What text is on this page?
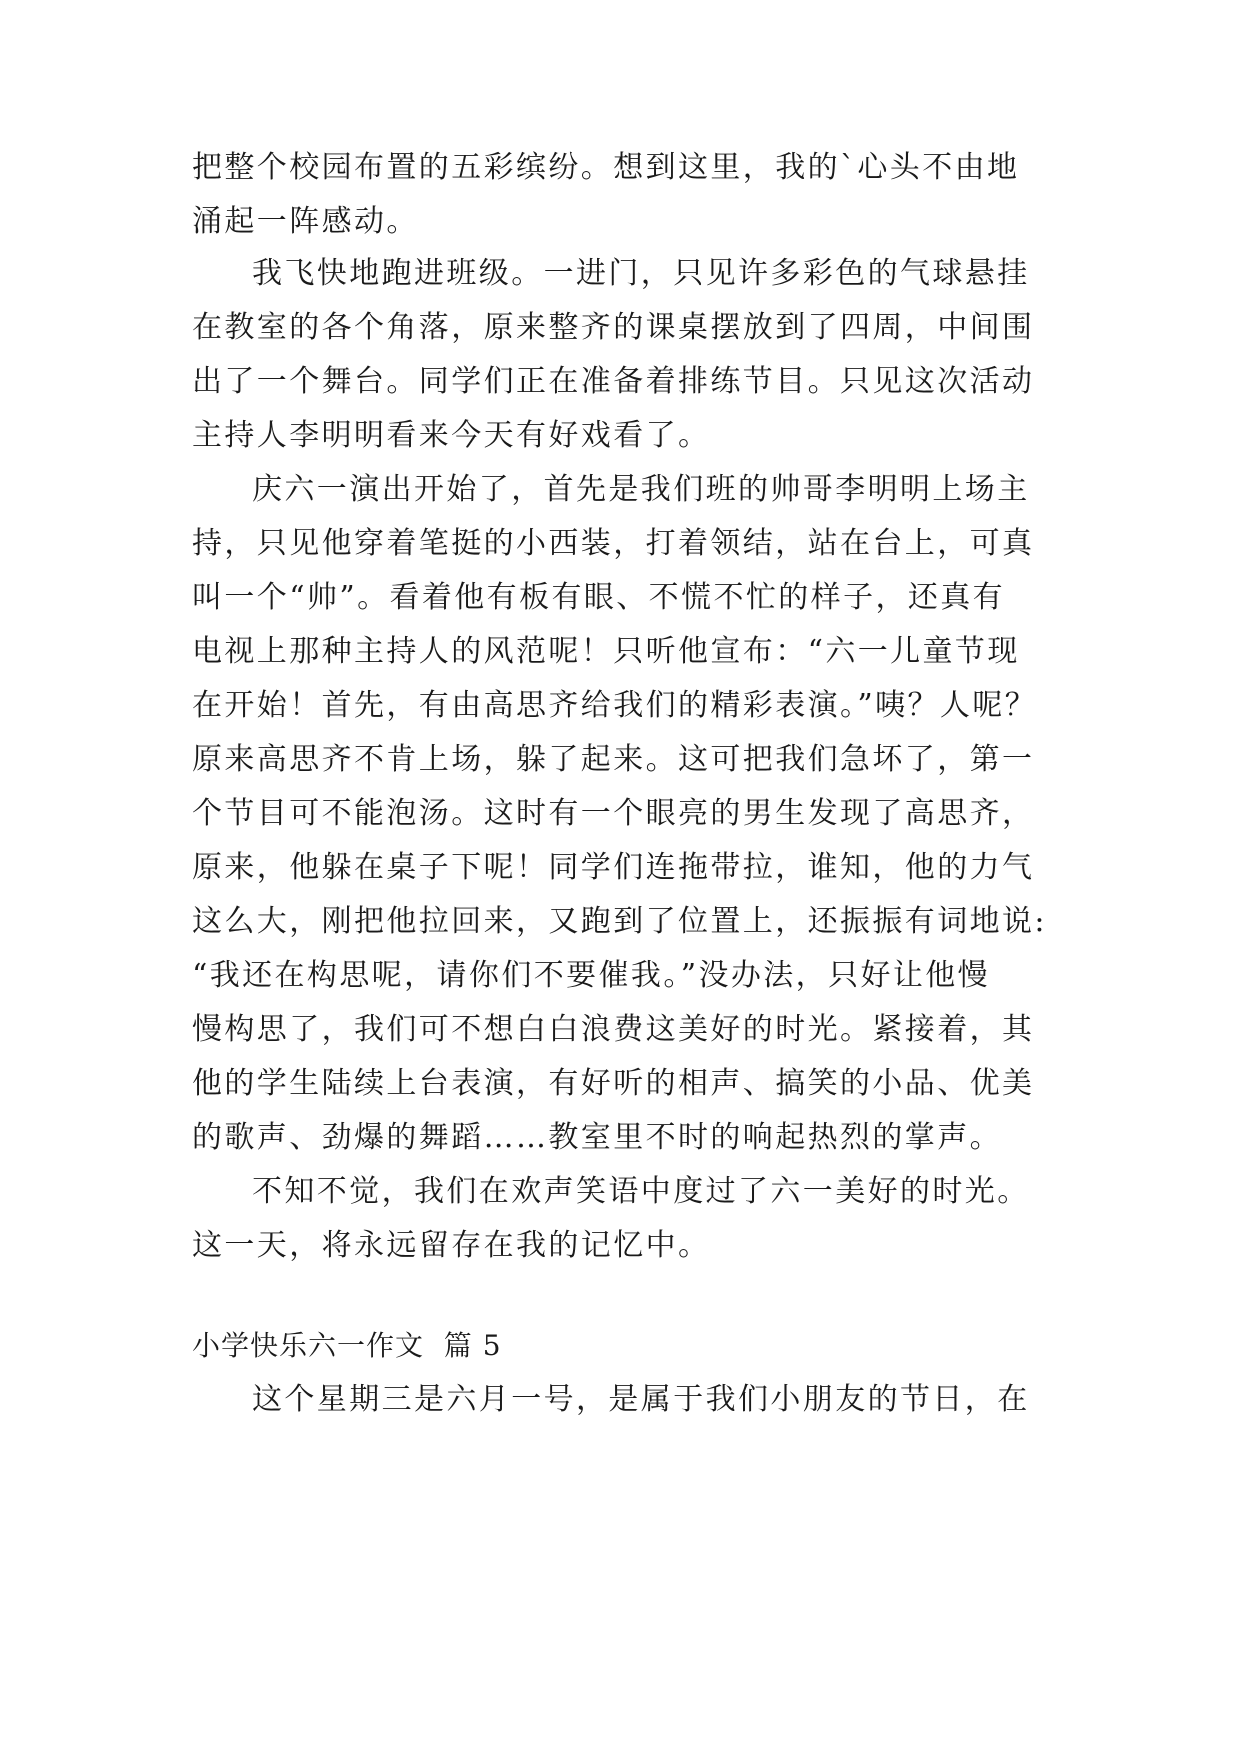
把整个校园布置的五彩缤纷。想到这里，我的`心头不由地
涌起一阵感动。
我飞快地跑进班级。一进门，只见许多彩色的气球悬挂
在教室的各个角落，原来整齐的课桌摆放到了四周，中间围
出了一个舞台。同学们正在准备着排练节目。只见这次活动
主持人李明明看来今天有好戏看了。
庆六一演出开始了，首先是我们班的帅哥李明明上场主
持，只见他穿着笔挺的小西装，打着领结，站在台上，可真
叫一个“帅”。看着他有板有眼、不慌不忙的样子，还真有
电视上那种主持人的风范呢！只听他宣布：“六一儿童节现
在开始！首先，有由高思齐给我们的精彩表演。”咦？人呢？
原来高思齐不肯上场，躲了起来。这可把我们急坏了，第一
个节目可不能泡汤。这时有一个眼亮的男生发现了高思齐，
原来，他躲在桌子下呢！同学们连拖带拉，谁知，他的力气
这么大，刚把他拉回来，又跑到了位置上，还振振有词地说:
“我还在构思呢，请你们不要催我。”没办法，只好让他慢
慢构思了，我们可不想白白浪费这美好的时光。紧接着，其
他的学生陆续上台表演，有好听的相声、搞笑的小品、优美
的歌声、劲爆的舞蹈……教室里不时的响起热烈的掌声。
不知不觉，我们在欢声笑语中度过了六一美好的时光。
这一天，将永远留存在我的记忆中。
小学快乐六一作文  篇 5
这个星期三是六月一号，是属于我们小朋友的节日，在
